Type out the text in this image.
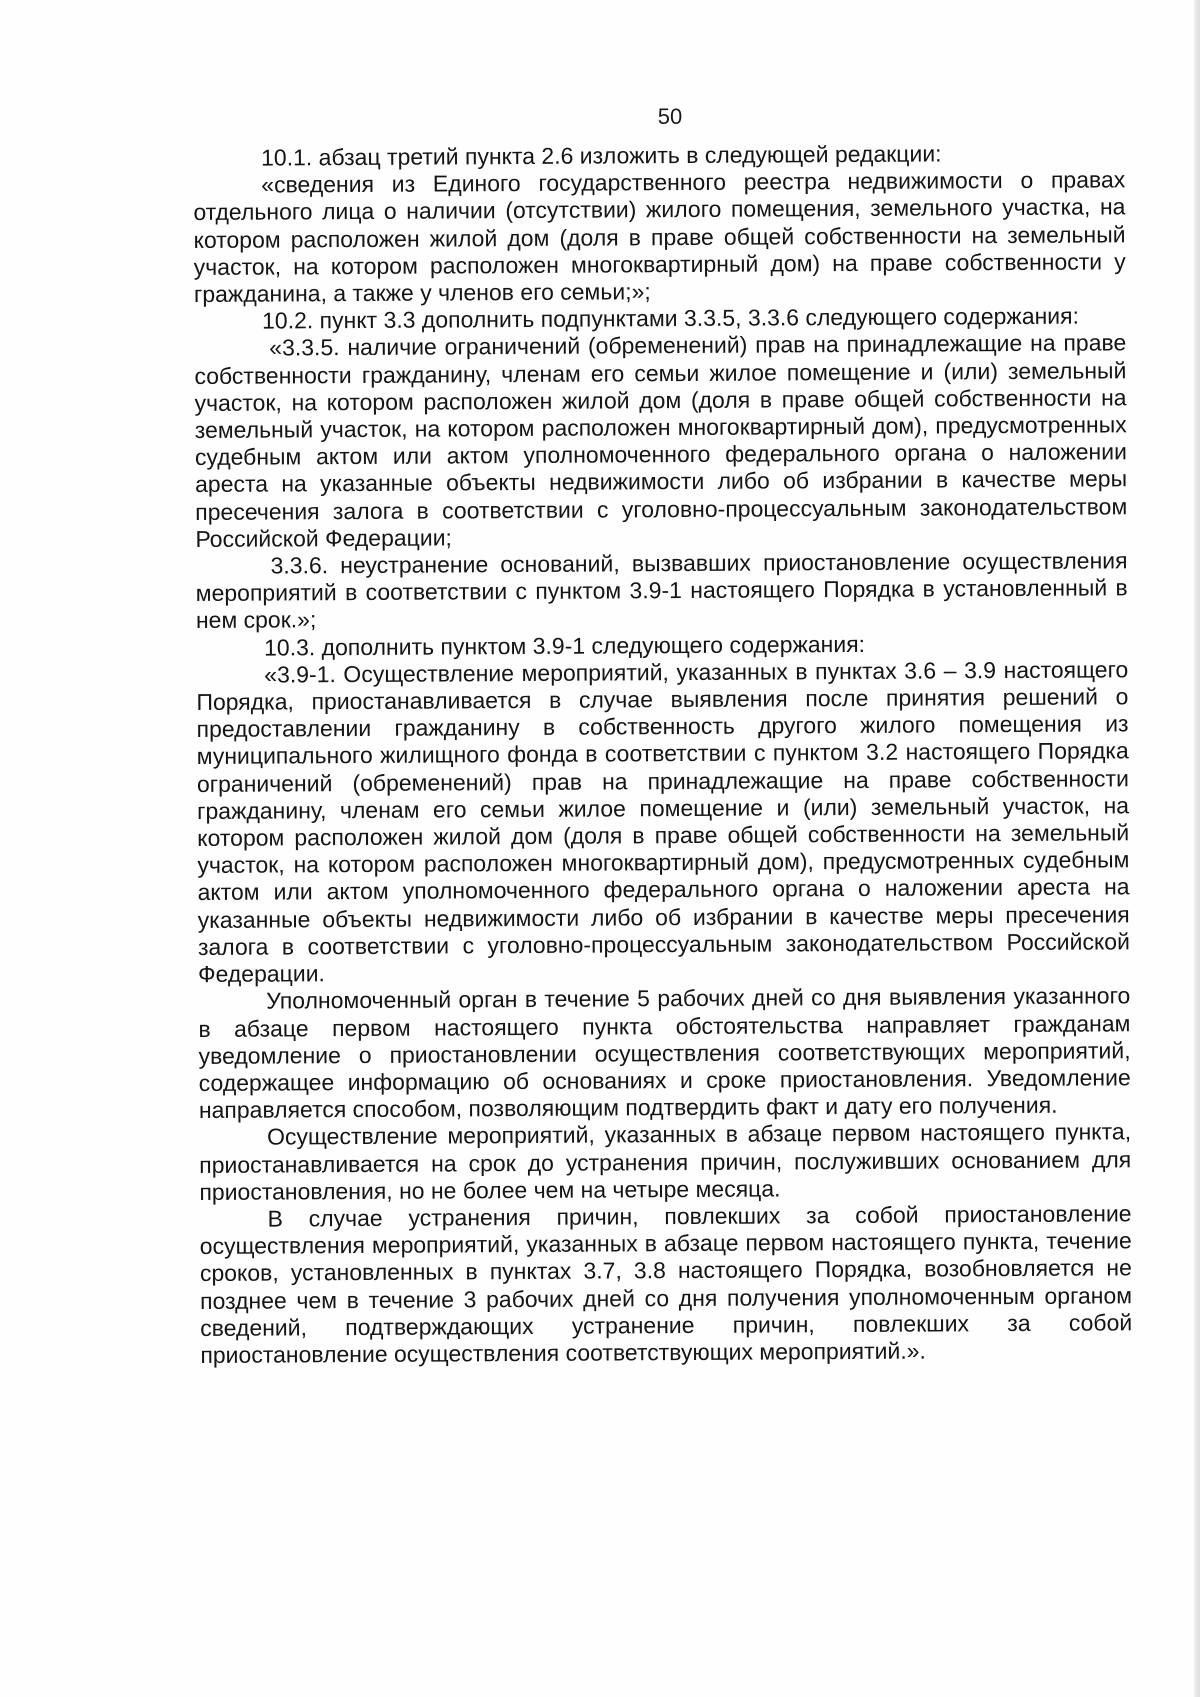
50

10.1. абзац третий пункта 2.6 изложить в следующей редакции:

«сведения из Единого государственного реестра недвижимости о правах отдельного лица о наличии (отсутствии) жилого помещения, земельного участка, на котором расположен жилой дом (доля в праве общей собственности на земельный участок, на котором расположен многоквартирный дом) на праве собственности у гражданина, а также у членов его семьи;»;

10.2. пункт 3.3 дополнить подпунктами 3.3.5, 3.3.6 следующего содержания:

«3.3.5. наличие ограничений (обременений) прав на принадлежащие на праве собственности гражданину, членам его семьи жилое помещение и (или) земельный участок, на котором расположен жилой дом (доля в праве общей собственности на земельный участок, на котором расположен многоквартирный дом), предусмотренных судебным актом или актом уполномоченного федерального органа о наложении ареста на указанные объекты недвижимости либо об избрании в качестве меры пресечения залога в соответствии с уголовно-процессуальным законодательством Российской Федерации;

3.3.6. неустранение оснований, вызвавших приостановление осуществления мероприятий в соответствии с пунктом 3.9-1 настоящего Порядка в установленный в нем срок.»;

10.3. дополнить пунктом 3.9-1 следующего содержания:

«3.9-1. Осуществление мероприятий, указанных в пунктах 3.6 – 3.9 настоящего Порядка, приостанавливается в случае выявления после принятия решений о предоставлении гражданину в собственность другого жилого помещения из муниципального жилищного фонда в соответствии с пунктом 3.2 настоящего Порядка ограничений (обременений) прав на принадлежащие на праве собственности гражданину, членам его семьи жилое помещение и (или) земельный участок, на котором расположен жилой дом (доля в праве общей собственности на земельный участок, на котором расположен многоквартирный дом), предусмотренных судебным актом или актом уполномоченного федерального органа о наложении ареста на указанные объекты недвижимости либо об избрании в качестве меры пресечения залога в соответствии с уголовно-процессуальным законодательством Российской Федерации.

Уполномоченный орган в течение 5 рабочих дней со дня выявления указанного в абзаце первом настоящего пункта обстоятельства направляет гражданам уведомление о приостановлении осуществления соответствующих мероприятий, содержащее информацию об основаниях и сроке приостановления. Уведомление направляется способом, позволяющим подтвердить факт и дату его получения.

Осуществление мероприятий, указанных в абзаце первом настоящего пункта, приостанавливается на срок до устранения причин, послуживших основанием для приостановления, но не более чем на четыре месяца.

В случае устранения причин, повлекших за собой приостановление осуществления мероприятий, указанных в абзаце первом настоящего пункта, течение сроков, установленных в пунктах 3.7, 3.8 настоящего Порядка, возобновляется не позднее чем в течение 3 рабочих дней со дня получения уполномоченным органом сведений, подтверждающих устранение причин, повлекших за собой приостановление осуществления соответствующих мероприятий.».
